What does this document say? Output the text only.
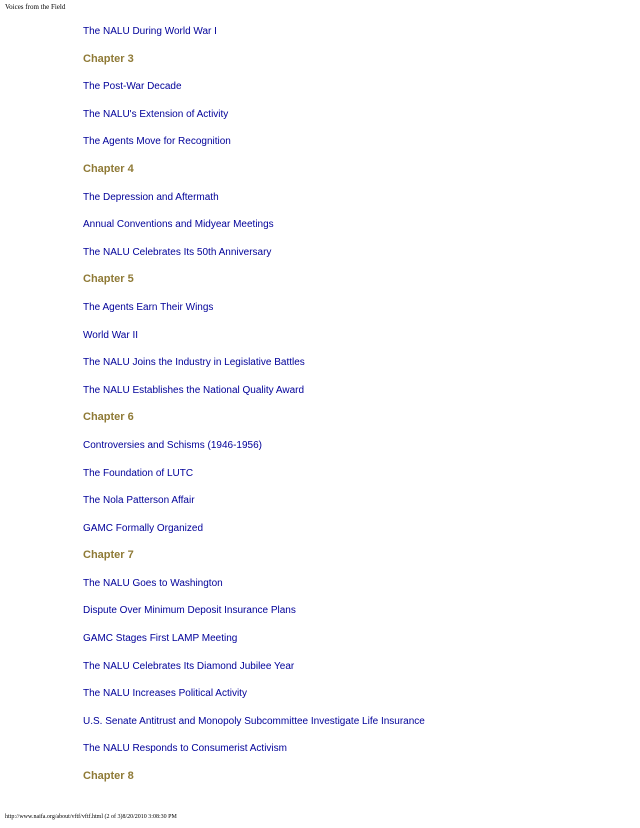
Voices from the Field
The NALU During World War I
Chapter 3
The Post-War Decade
The NALU's Extension of Activity
The Agents Move for Recognition
Chapter 4
The Depression and Aftermath
Annual Conventions and Midyear Meetings
The NALU Celebrates Its 50th Anniversary
Chapter 5
The Agents Earn Their Wings
World War II
The NALU Joins the Industry in Legislative Battles
The NALU Establishes the National Quality Award
Chapter 6
Controversies and Schisms (1946-1956)
The Foundation of LUTC
The Nola Patterson Affair
GAMC Formally Organized
Chapter 7
The NALU Goes to Washington
Dispute Over Minimum Deposit Insurance Plans
GAMC Stages First LAMP Meeting
The NALU Celebrates Its Diamond Jubilee Year
The NALU Increases Political Activity
U.S. Senate Antitrust and Monopoly Subcommittee Investigate Life Insurance
The NALU Responds to Consumerist Activism
Chapter 8
http://www.naifa.org/about/vftf/vftf.html (2 of 3)8/20/2010 3:08:30 PM
